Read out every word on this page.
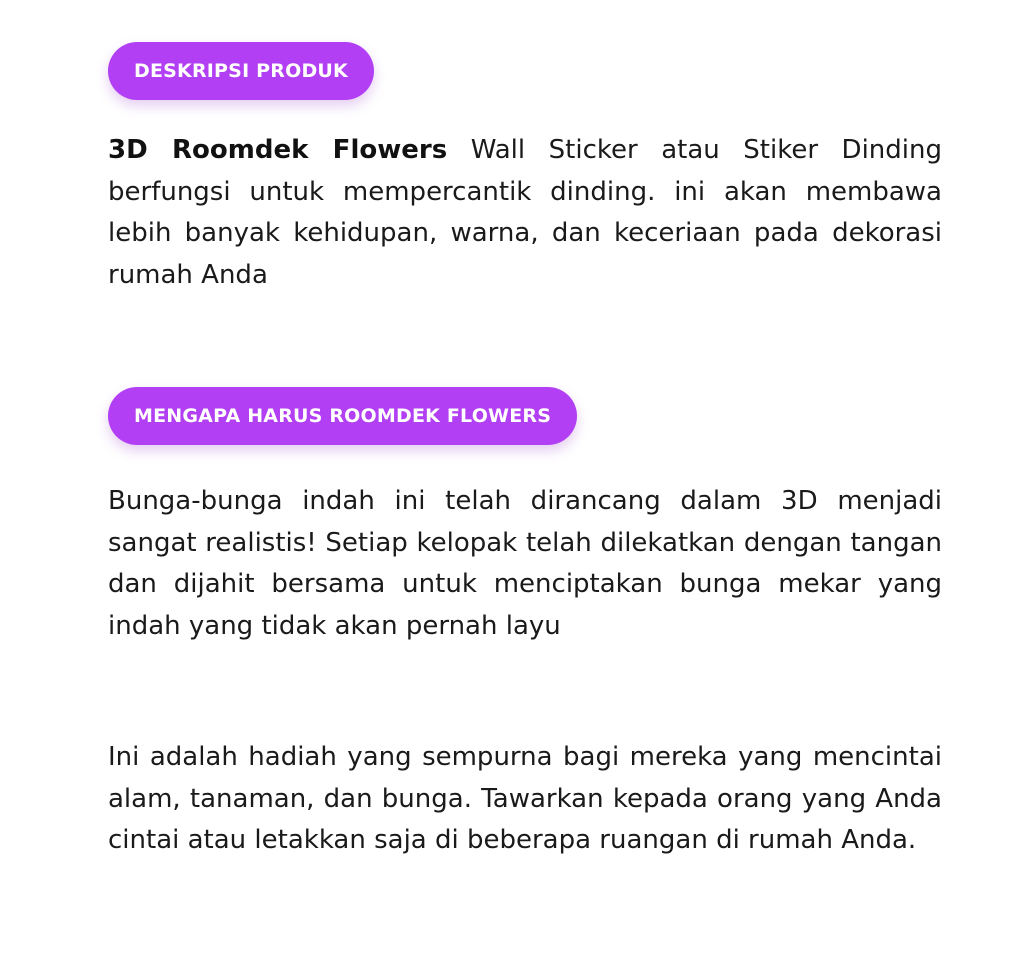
DESKRIPSI PRODUK

3D Roomdek Flowers Wall Sticker atau Stiker Dinding berfungsi untuk mempercantik dinding. ini akan membawa lebih banyak kehidupan, warna, dan keceriaan pada dekorasi rumah Anda

MENGAPA HARUS ROOMDEK FLOWERS

Bunga-bunga indah ini telah dirancang dalam 3D menjadi sangat realistis! Setiap kelopak telah dilekatkan dengan tangan dan dijahit bersama untuk menciptakan bunga mekar yang indah yang tidak akan pernah layu

Ini adalah hadiah yang sempurna bagi mereka yang mencintai alam, tanaman, dan bunga. Tawarkan kepada orang yang Anda cintai atau letakkan saja di beberapa ruangan di rumah Anda.
